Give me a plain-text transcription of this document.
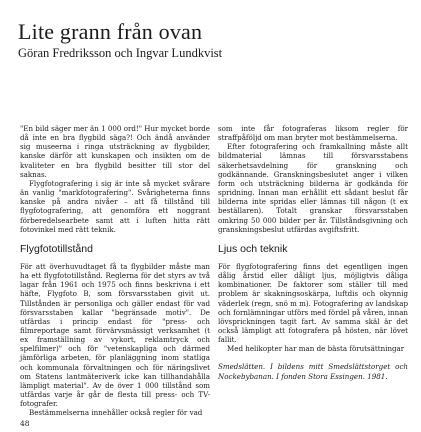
Lite grann från ovan
Göran Fredriksson och Ingvar Lundkvist

"En bild säger mer än 1 000 ord!" Hur mycket borde då inte en bra flygbild säga?! Och ändå använder sig museerna i ringa utsträckning av flygbilder, kanske därför att kunskapen och insikten om de kvaliteter en bra flygbild besitter till stor del saknas.

Flygfotografering i sig är inte så mycket svårare än vanlig "markfotografering". Svårigheterna finns kanske på andra nivåer – att få tillstånd till flygfotografering, att genomföra ett noggrant förberedelsearbete samt att i luften hitta rätt fotovinkel med rätt teknik.

Flygfototillstånd

För att överhuvudtaget få ta flygbilder måste man ha ett flygfototillstånd. Reglerna för det styrs av två lagar från 1961 och 1975 och finns beskrivna i ett häfte, Flygfoto B, som försvarsstaben givit ut. Tillstånden är personliga och gäller endast för vad försvarsstaben kallar "begränsade motiv". De utfärdas i princip endast för "press- och filmreportage samt förvärvsmässigt verksamhet (t ex framställning av vykort, reklamtryck och spelfilmer)" och för "vetenskapliga och därmed jämförliga arbeten, för planläggning inom statliga och kommunala förvaltningen och för näringslivet om Statens lantmäteriverk icke kan tillhandahålla lämpligt material". Av de över 1 000 tillstånd som utfärdas varje år går de flesta till press- och TV-fotografer.

Bestämmelserna innehåller också regler för vad

som inte får fotograferas liksom regler för straffpåföljd om man bryter mot bestämmelserna.

Efter fotografering och framkallning måste allt bildmaterial lämnas till försvarsstabens säkerhetsavdelning för granskning och godkännande. Granskningsbeslutet anger i vilken form och utsträckning bilderna är godkända för spridning. Innan man erhållit ett sådant beslut får bilderna inte spridas eller lämnas till någon (t ex beställaren). Totalt granskar försvarsstaben omkring 50 000 bilder per år. Tillståndsgivning och granskningsbeslut utfärdas avgiftsfritt.

Ljus och teknik

För flygfotografering finns det egentligen ingen dålig årstid eller dåligt ljus, möjligtvis dåliga kombinationer. De faktorer som ställer till med problem är skakningsoskärpa, luftdis och okynnig väderlek (regn, snö m m). Fotografering av landskap och fornlämningar utförs med fördel på våren, innan lövsprickningen tagit fart. Av samma skäl är det också lämpligt att fotografera på hösten, när lövet fallit.

Med helikopter har man de bästa förutsättningar

Smedslätten. I bildens mitt Smedslättstorget och Nockebybanan. I fonden Stora Essingen. 1981.

48
